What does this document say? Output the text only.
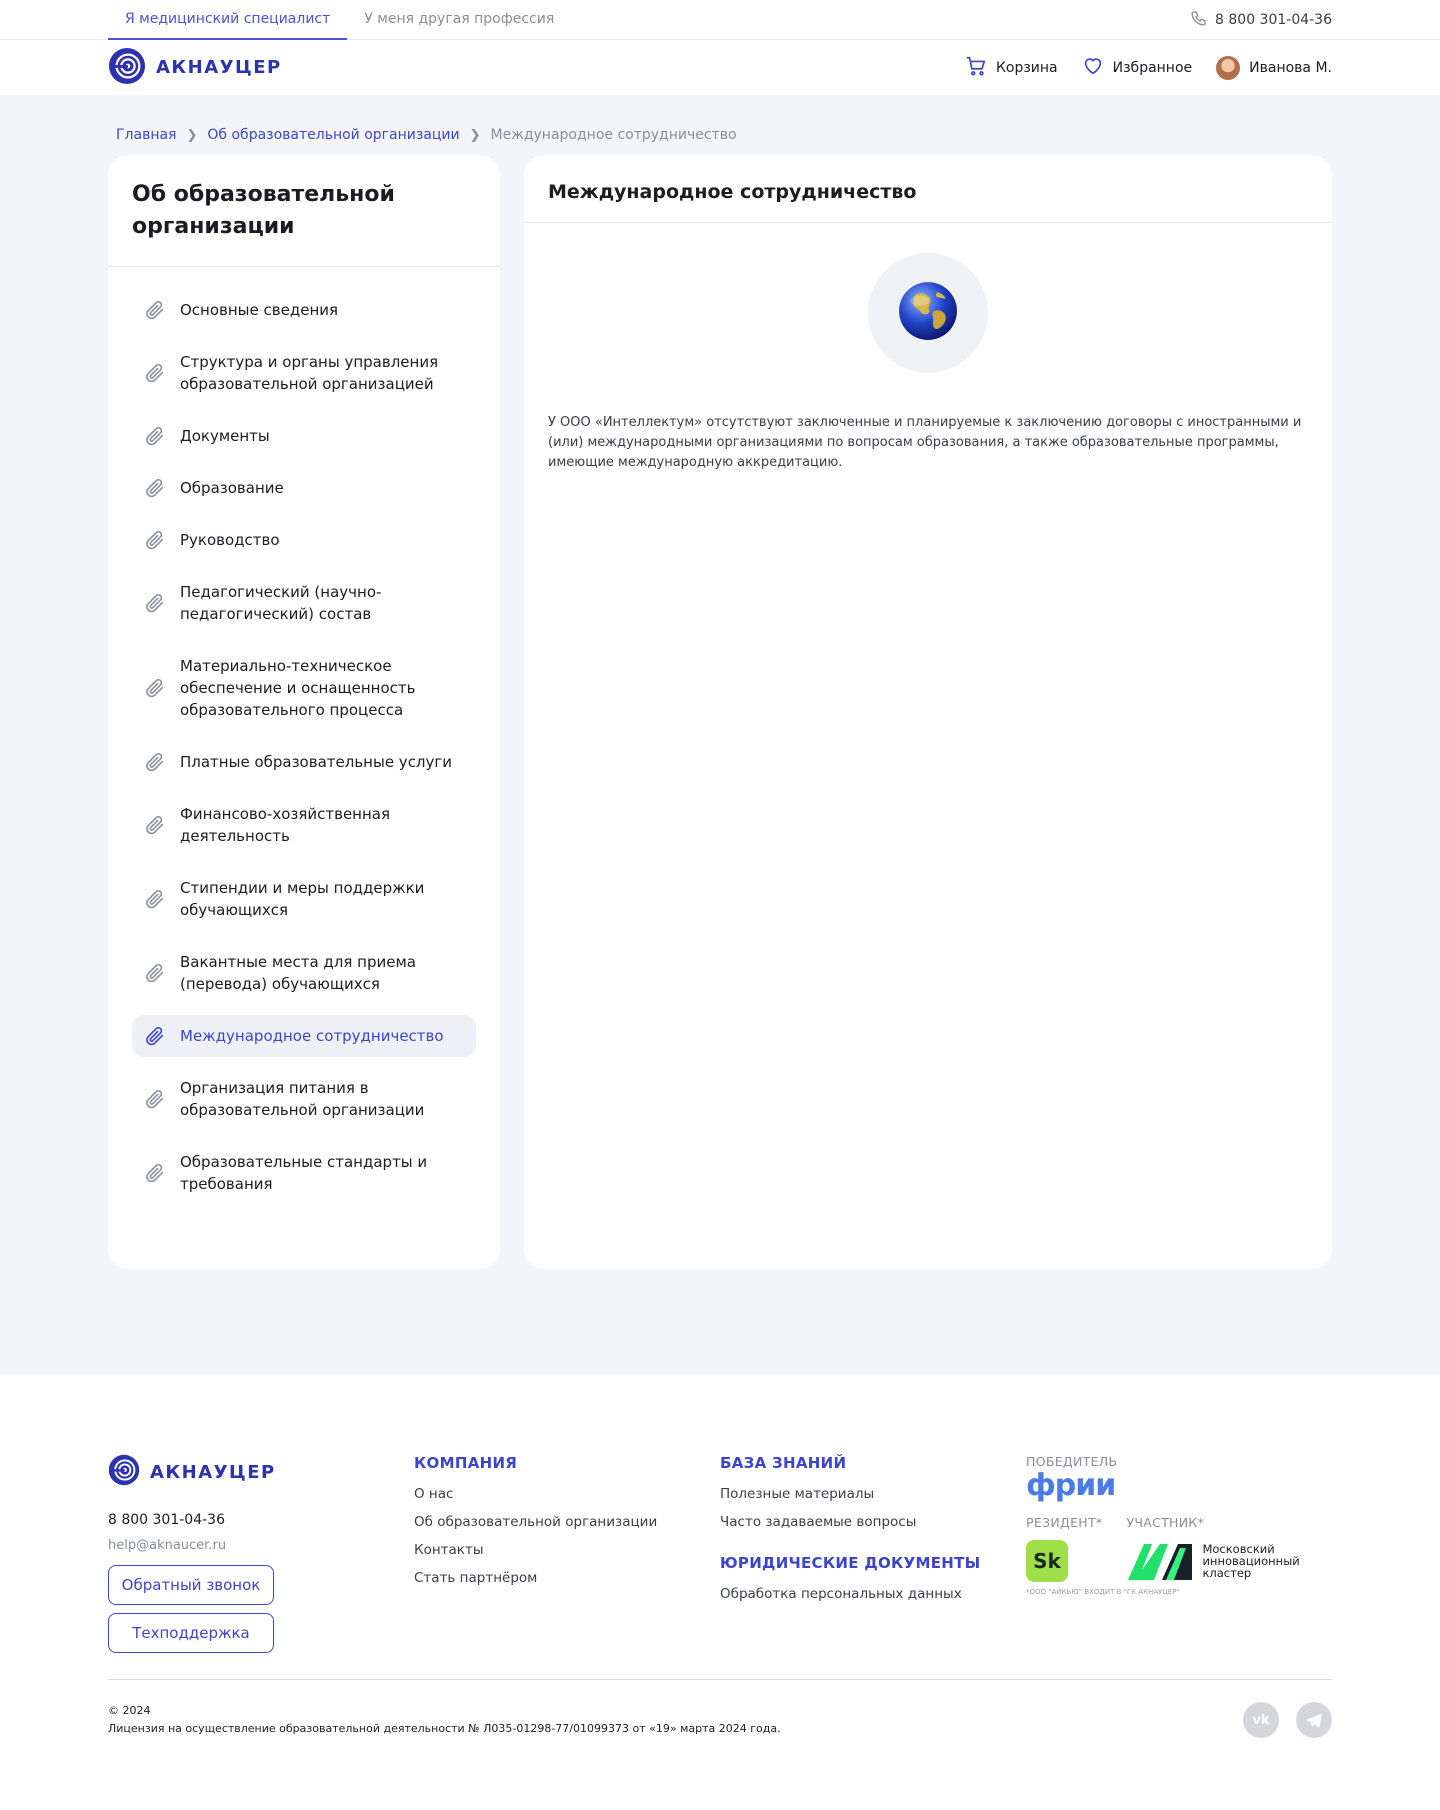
Я медицинский специалист	У меня другая профессия	8 800 301-04-36
АКНАУЦЕР	Корзина	Избранное	Иванова М.
Главная ❯ Об образовательной организации ❯ Международное сотрудничество
Об образовательной организации
Основные сведения
Структура и органы управления образовательной организацией
Документы
Образование
Руководство
Педагогический (научно-педагогический) состав
Материально-техническое обеспечение и оснащенность образовательного процесса
Платные образовательные услуги
Финансово-хозяйственная деятельность
Стипендии и меры поддержки обучающихся
Вакантные места для приема (перевода) обучающихся
Международное сотрудничество
Организация питания в образовательной организации
Образовательные стандарты и требования
Международное сотрудничество

У ООО «Интеллектум» отсутствуют заключенные и планируемые к заключению договоры с иностранными и (или) международными организациями по вопросам образования, а также образовательные программы, имеющие международную аккредитацию.

АКНАУЦЕР
8 800 301-04-36
help@aknaucer.ru
Обратный звонок
Техподдержка
КОМПАНИЯ
О нас
Об образовательной организации
Контакты
Стать партнёром
БАЗА ЗНАНИЙ
Полезные материалы
Часто задаваемые вопросы
ЮРИДИЧЕСКИЕ ДОКУМЕНТЫ
Обработка персональных данных
ПОБЕДИТЕЛЬ
фрии
РЕЗИДЕНТ*
Sk
УЧАСТНИК*
Московский
инновационный
кластер
*ООО "АЙКЬЮ" ВХОДИТ В "ГК АКНАУЦЕР"
© 2024
Лицензия на осуществление образовательной деятельности № Л035-01298-77/01099373 от «19» марта 2024 года.
vk
